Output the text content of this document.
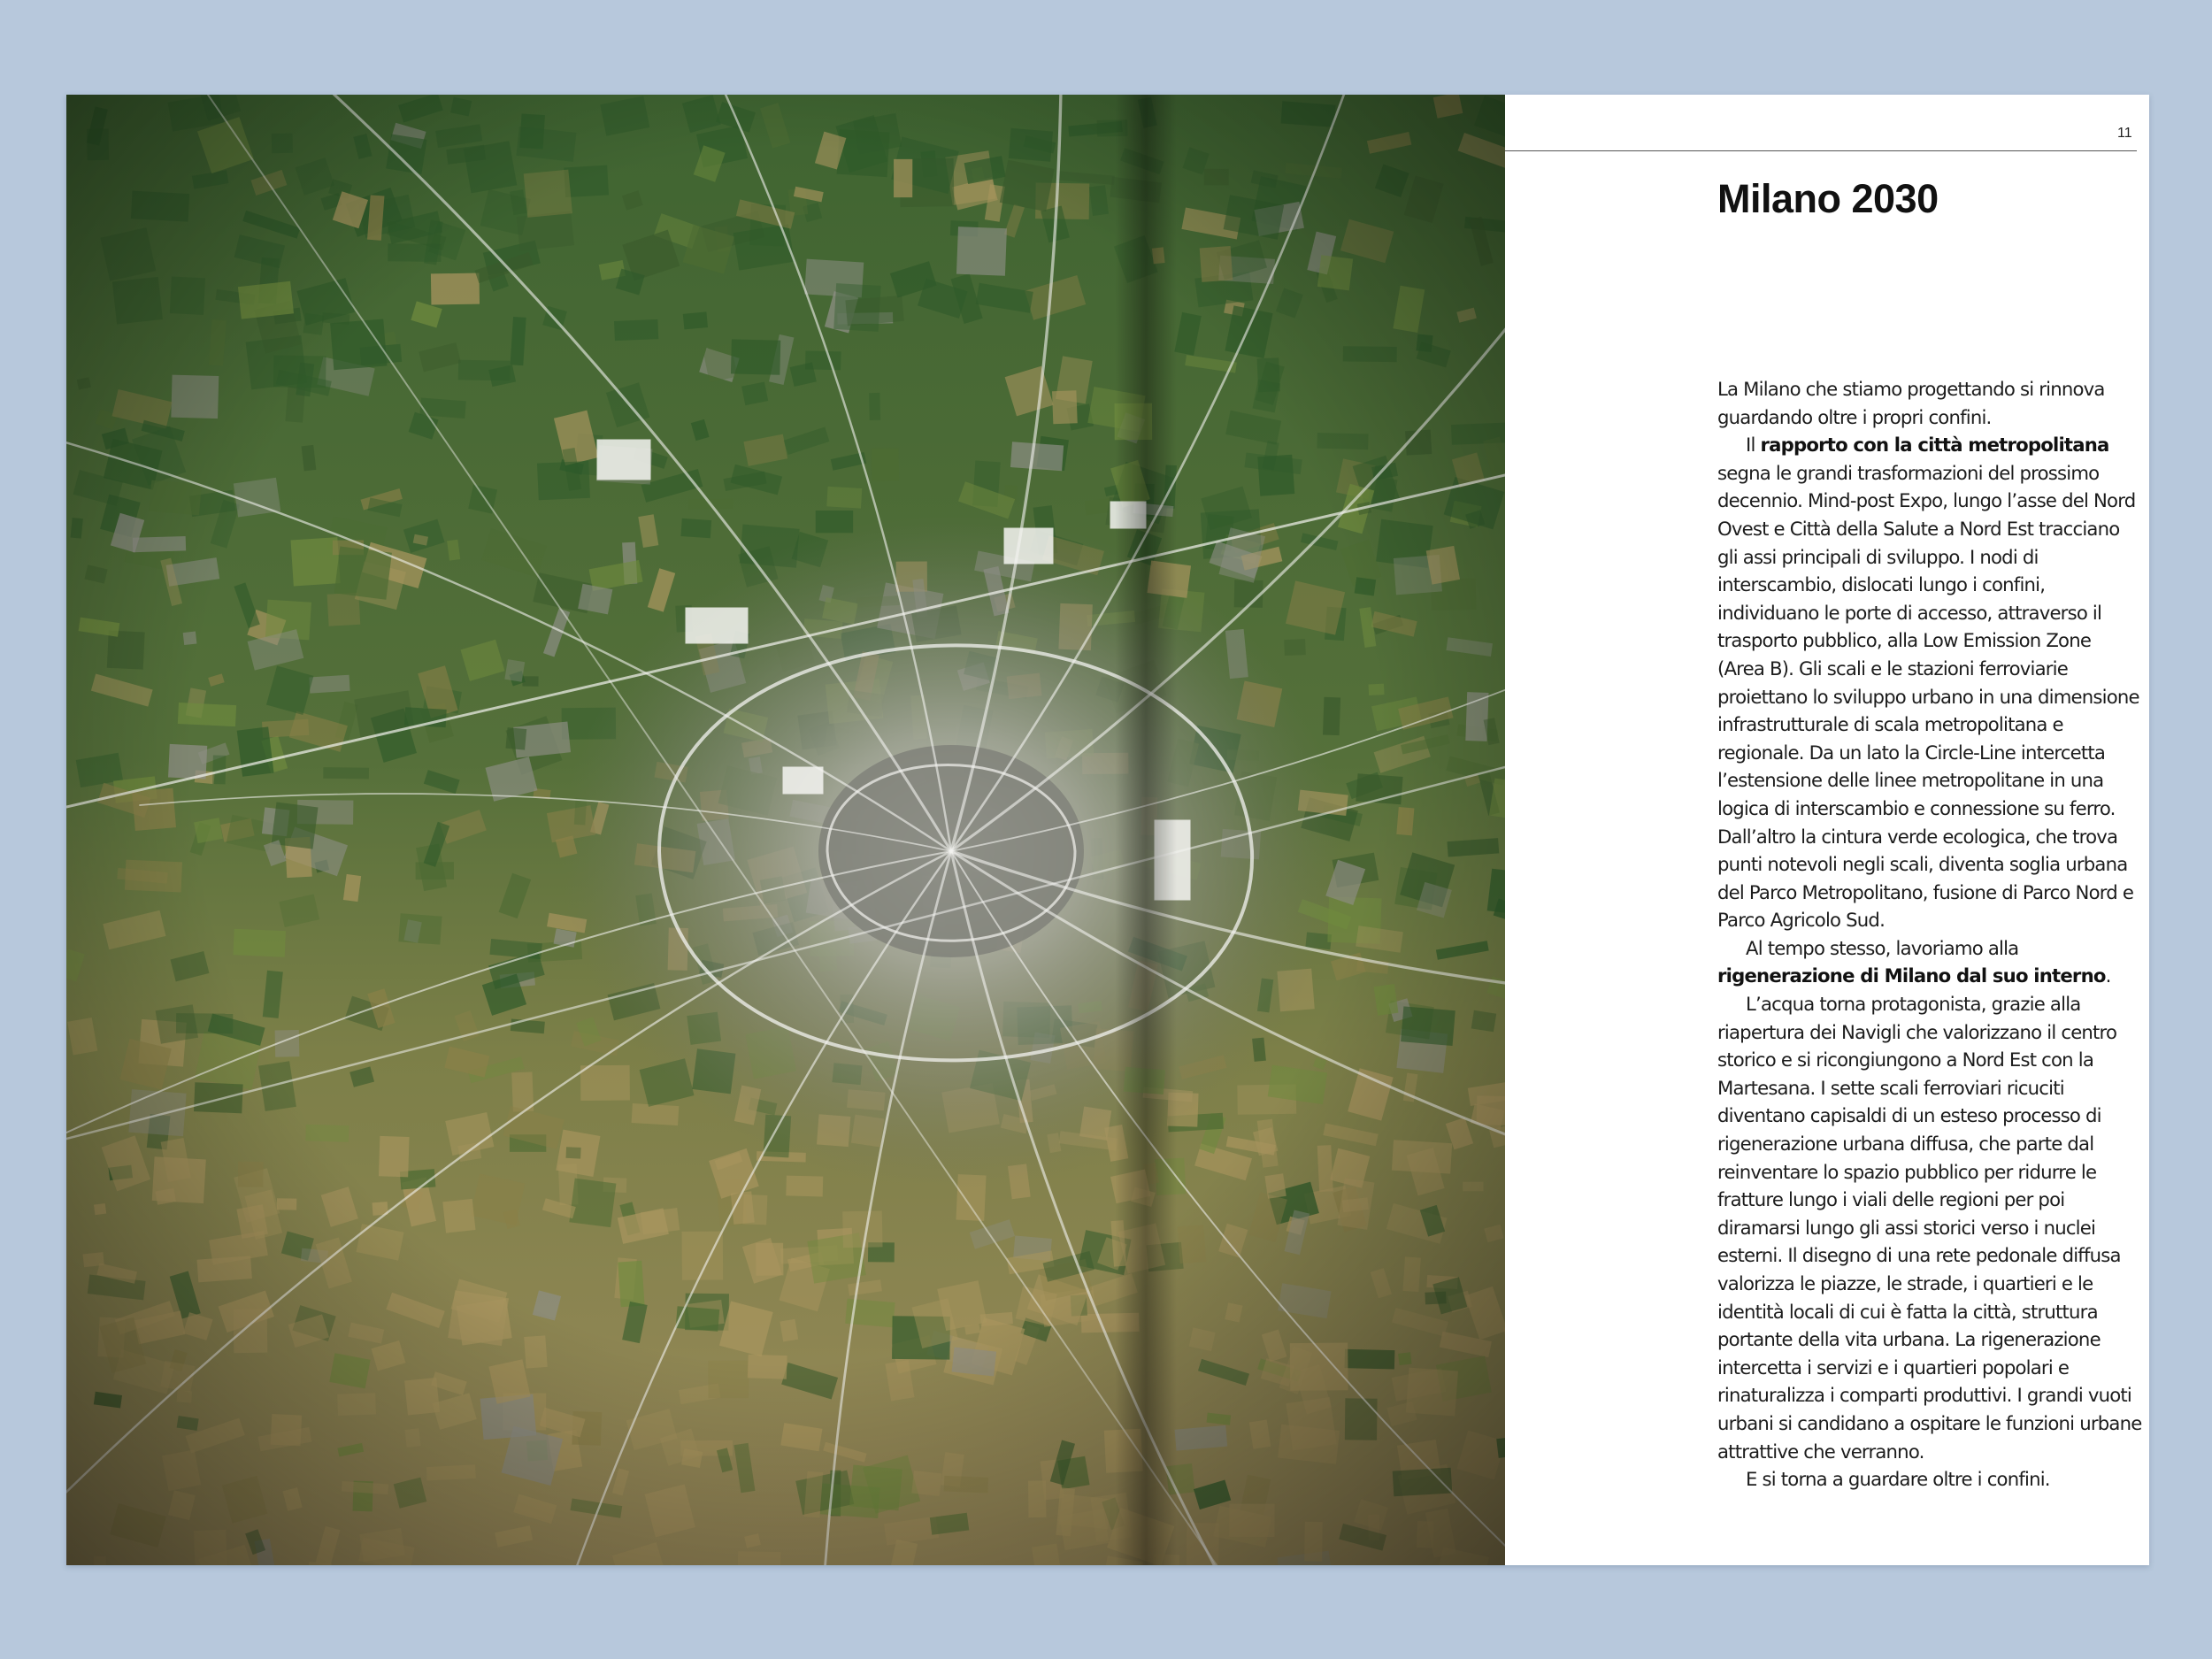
11
Milano 2030

La Milano che stiamo progettando si rinnova guardando oltre i propri confini.

Il rapporto con la città metropolitana segna le grandi trasformazioni del prossimo decennio. Mind-post Expo, lungo l’asse del Nord Ovest e Città della Salute a Nord Est tracciano gli assi principali di sviluppo. I nodi di interscambio, dislocati lungo i confini, individuano le porte di accesso, attraverso il trasporto pubblico, alla Low Emission Zone (Area B). Gli scali e le stazioni ferroviarie proiettano lo sviluppo urbano in una dimensione infrastrutturale di scala metropolitana e regionale. Da un lato la Circle-Line intercetta l’estensione delle linee metropolitane in una logica di interscambio e connessione su ferro. Dall’altro la cintura verde ecologica, che trova punti notevoli negli scali, diventa soglia urbana del Parco Metropolitano, fusione di Parco Nord e Parco Agricolo Sud.

Al tempo stesso, lavoriamo alla rigenerazione di Milano dal suo interno.

L’acqua torna protagonista, grazie alla riapertura dei Navigli che valorizzano il centro storico e si ricongiungono a Nord Est con la Martesana. I sette scali ferroviari ricuciti diventano capisaldi di un esteso processo di rigenerazione urbana diffusa, che parte dal reinventare lo spazio pubblico per ridurre le fratture lungo i viali delle regioni per poi diramarsi lungo gli assi storici verso i nuclei esterni. Il disegno di una rete pedonale diffusa valorizza le piazze, le strade, i quartieri e le identità locali di cui è fatta la città, struttura portante della vita urbana. La rigenerazione intercetta i servizi e i quartieri popolari e rinaturalizza i comparti produttivi. I grandi vuoti urbani si candidano a ospitare le funzioni urbane attrattive che verranno.

E si torna a guardare oltre i confini.
